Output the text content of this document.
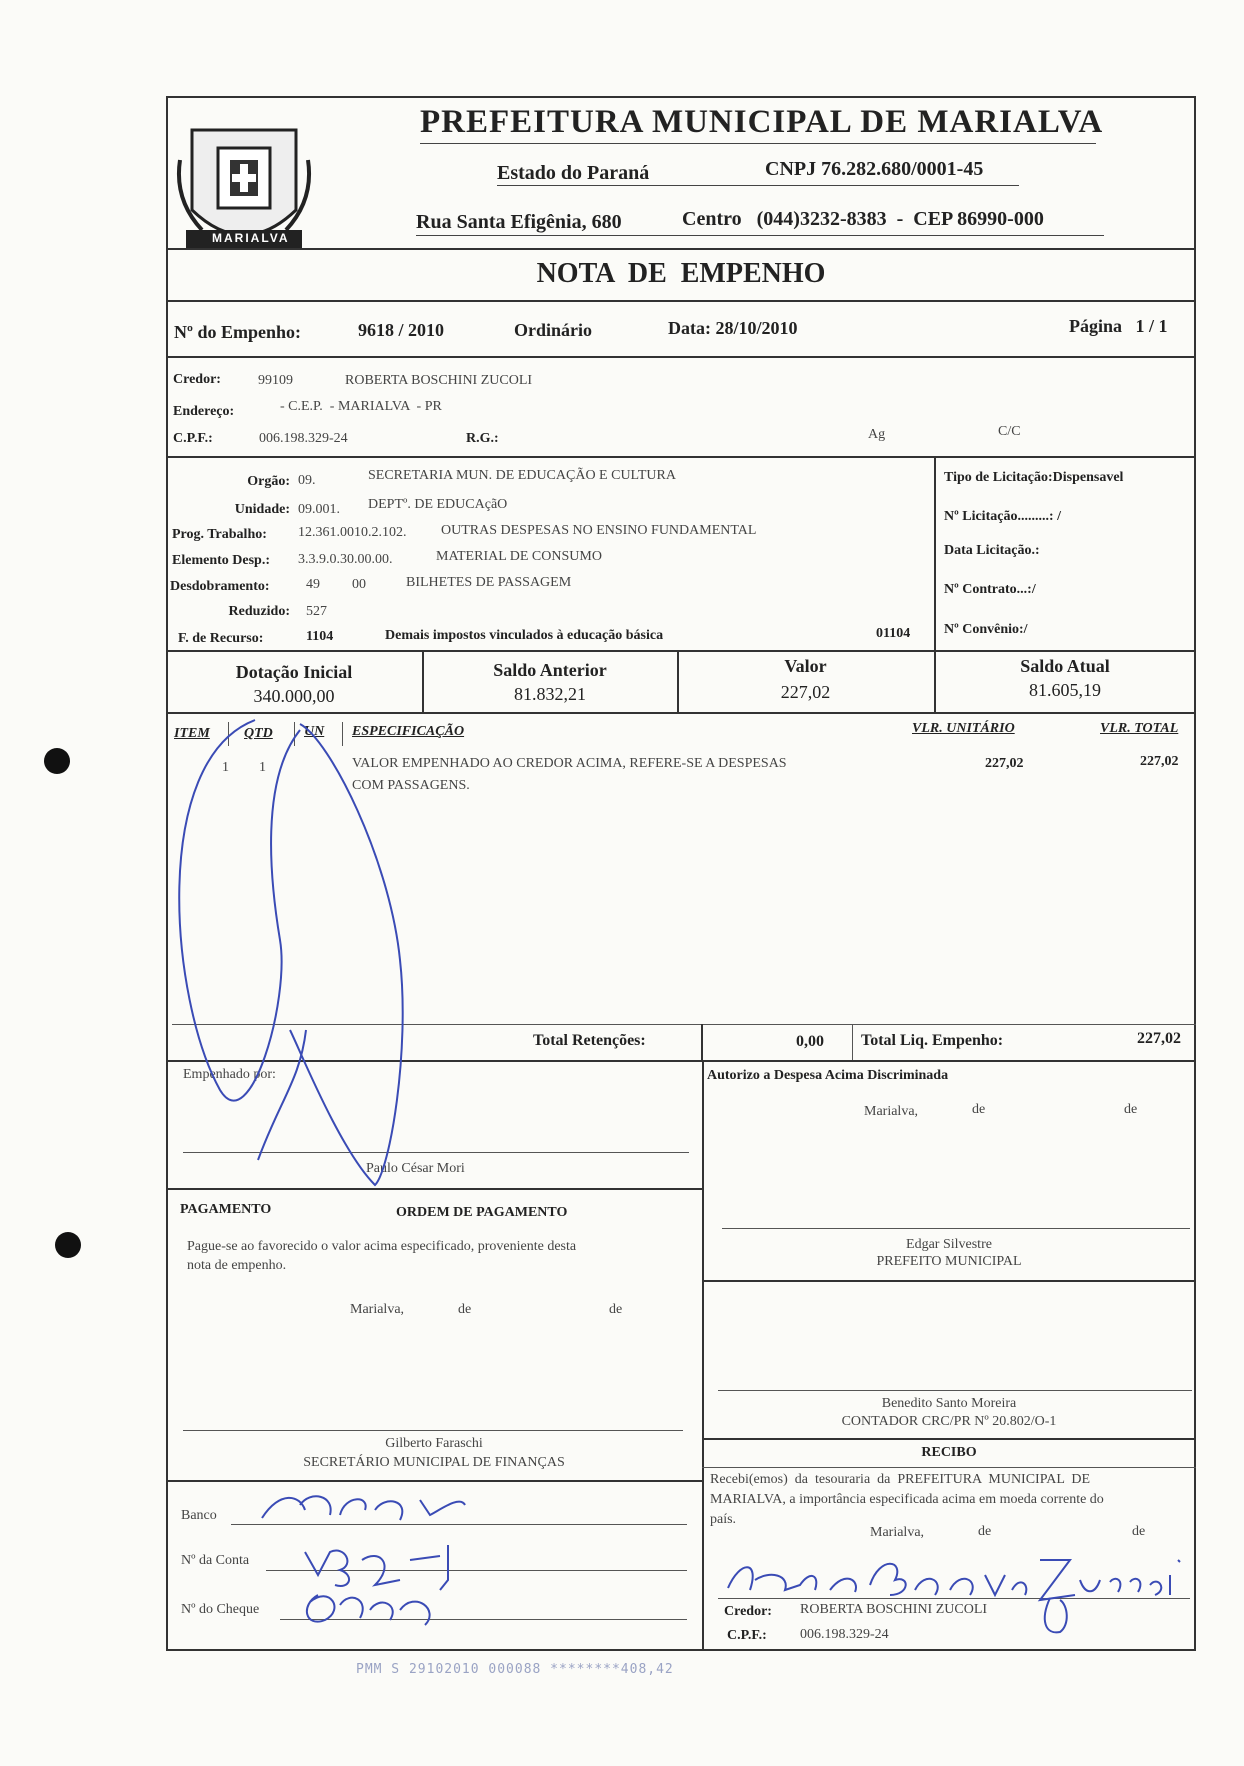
MARIALVA
PREFEITURA MUNICIPAL DE MARIALVA
Estado do Paraná	CNPJ 76.282.680/0001-45
Rua Santa Efigênia, 680	Centro   (044)3232-8383  -  CEP 86990-000
NOTA  DE  EMPENHO
Nº do Empenho:	9618 / 2010	Ordinário	Data: 28/10/2010	Página   1 / 1
Credor:	99109	ROBERTA BOSCHINI ZUCOLI
Endereço:	- C.E.P.  - MARIALVA  - PR
C.P.F.:	006.198.329-24	R.G.:	Ag	C/C
Orgão: 09.	SECRETARIA MUN. DE EDUCAÇÃO E CULTURA
Unidade: 09.001. DEPTº. DE EDUCAçãO
Prog. Trabalho: 12.361.0010.2.102. OUTRAS DESPESAS NO ENSINO FUNDAMENTAL
Elemento Desp.: 3.3.9.0.30.00.00.	MATERIAL DE CONSUMO
Desdobramento:	49 00	BILHETES DE PASSAGEM
Reduzido: 527
F. de Recurso:	1104	Demais impostos vinculados à educação básica	01104
Tipo de Licitação:Dispensavel
Nº Licitação.........: /
Data Licitação.:
Nº Contrato...:/
Nº Convênio:/
Dotação Inicial
340.000,00
Saldo Anterior
81.832,21
Valor
227,02
Saldo Atual
81.605,19
ITEM QTD UN ESPECIFICAÇÃO	VLR. UNITÁRIO	VLR. TOTAL
1 1	VALOR EMPENHADO AO CREDOR ACIMA, REFERE-SE A DESPESAS
COM PASSAGENS.
227,02	227,02
Total Retenções:	0,00 Total Liq. Empenho:	227,02
Empenhado por:
Paulo César Mori
PAGAMENTO	ORDEM DE PAGAMENTO
Pague-se ao favorecido o valor acima especificado, proveniente desta
nota de empenho.
Marialva,	de	de
Gilberto Faraschi
SECRETÁRIO MUNICIPAL DE FINANÇAS
Banco
Nº da Conta
Nº do Cheque
Autorizo a Despesa Acima Discriminada
Marialva,	de	de
Edgar Silvestre
PREFEITO MUNICIPAL
Benedito Santo Moreira
CONTADOR CRC/PR Nº 20.802/O-1
RECIBO
Recebi(emos)  da  tesouraria  da  PREFEITURA  MUNICIPAL  DE
MARIALVA, a importância especificada acima em moeda corrente do
país.
Marialva,	de	de
Credor: ROBERTA BOSCHINI ZUCOLI
C.P.F.: 006.198.329-24
PMM S 29102010 000088 ********408,42
